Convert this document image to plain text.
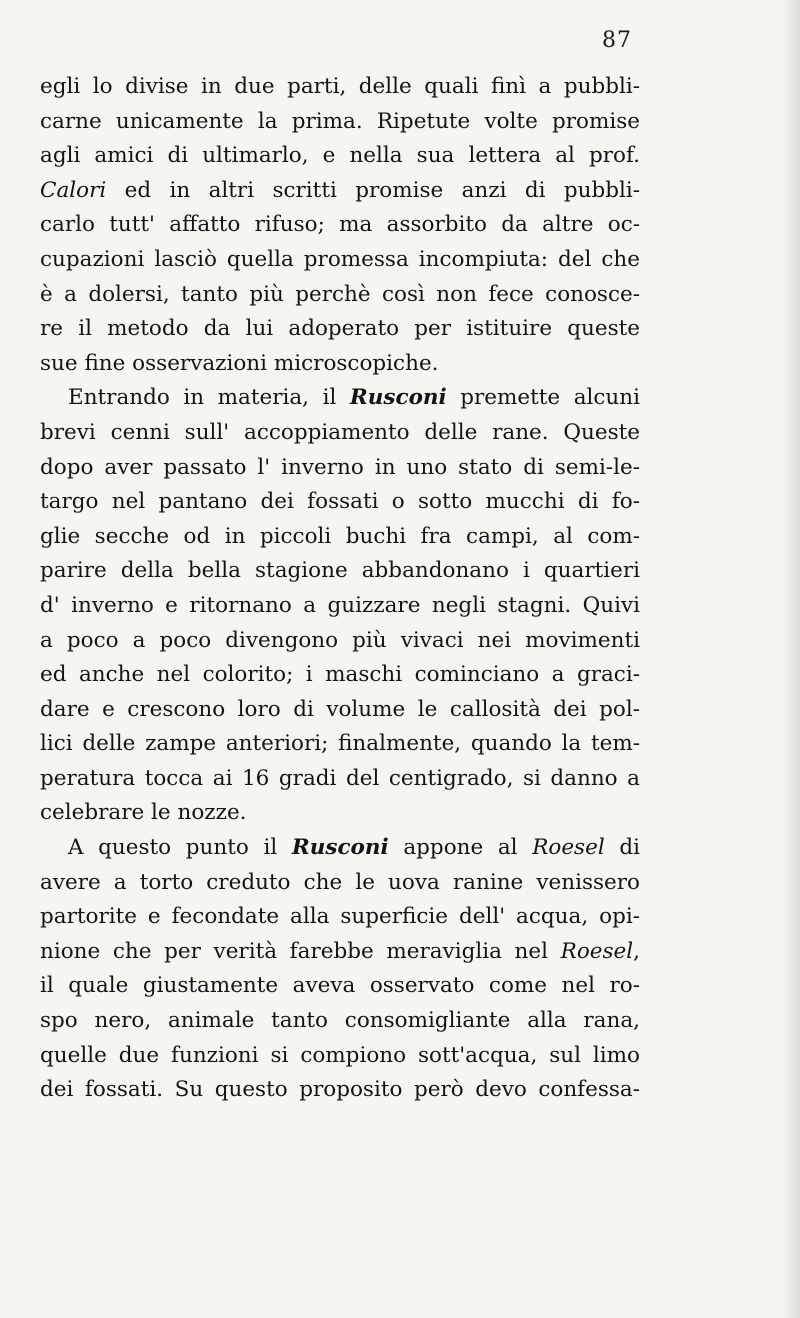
87
egli lo divise in due parti, delle quali finì a pubbli-
carne unicamente la prima. Ripetute volte promise
agli amici di ultimarlo, e nella sua lettera al prof.
Calori ed in altri scritti promise anzi di pubbli-
carlo tutt' affatto rifuso; ma assorbito da altre oc-
cupazioni lasciò quella promessa incompiuta: del che
è a dolersi, tanto più perchè così non fece conosce-
re il metodo da lui adoperato per istituire queste
sue fine osservazioni microscopiche.
Entrando in materia, il Rusconi premette alcuni
brevi cenni sull' accoppiamento delle rane. Queste
dopo aver passato l' inverno in uno stato di semi-le-
targo nel pantano dei fossati o sotto mucchi di fo-
glie secche od in piccoli buchi fra campi, al com-
parire della bella stagione abbandonano i quartieri
d' inverno e ritornano a guizzare negli stagni. Quivi
a poco a poco divengono più vivaci nei movimenti
ed anche nel colorito; i maschi cominciano a graci-
dare e crescono loro di volume le callosità dei pol-
lici delle zampe anteriori; finalmente, quando la tem-
peratura tocca ai 16 gradi del centigrado, si danno a
celebrare le nozze.
A questo punto il Rusconi appone al Roesel di
avere a torto creduto che le uova ranine venissero
partorite e fecondate alla superficie dell' acqua, opi-
nione che per verità farebbe meraviglia nel Roesel,
il quale giustamente aveva osservato come nel ro-
spo nero, animale tanto consomigliante alla rana,
quelle due funzioni si compiono sott'acqua, sul limo
dei fossati. Su questo proposito però devo confessa-
